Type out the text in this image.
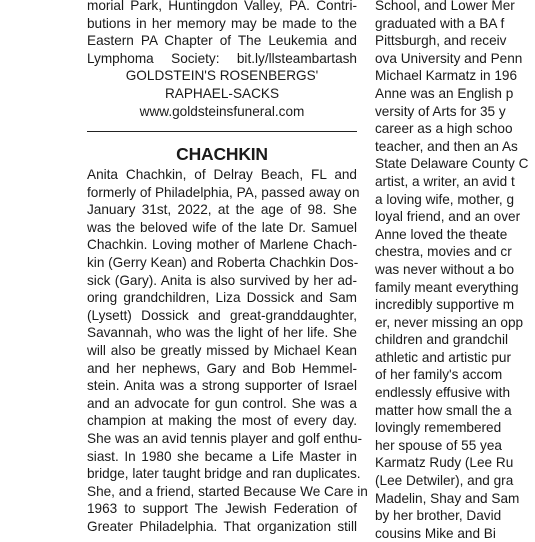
morial Park, Huntingdon Valley, PA. Contri-
butions in her memory may be made to the
Eastern PA Chapter of The Leukemia and
Lymphoma Society: bit.ly/llsteambartash
GOLDSTEIN'S ROSENBERGS'
RAPHAEL-SACKS
www.goldsteinsfuneral.com
CHACHKIN
Anita Chachkin, of Delray Beach, FL and
formerly of Philadelphia, PA, passed away on
January 31st, 2022, at the age of 98. She
was the beloved wife of the late Dr. Samuel
Chachkin. Loving mother of Marlene Chach-
kin (Gerry Kean) and Roberta Chachkin Dos-
sick (Gary). Anita is also survived by her ad-
oring grandchildren, Liza Dossick and Sam
(Lysett) Dossick and great-granddaughter,
Savannah, who was the light of her life. She
will also be greatly missed by Michael Kean
and her nephews, Gary and Bob Hemmel-
stein. Anita was a strong supporter of Israel
and an advocate for gun control. She was a
champion at making the most of every day.
She was an avid tennis player and golf enthu-
siast. In 1980 she became a Life Master in
bridge, later taught bridge and ran duplicates.
She, and a friend, started Because We Care in
1963 to support The Jewish Federation of
Greater Philadelphia. That organization still
School, and Lower Mer
graduated with a BA f
Pittsburgh, and receiv
ova University and Penn
Michael Karmatz in 196
Anne was an English p
versity of Arts for 35 y
career as a high schoo
teacher, and then an As
State Delaware County C
artist, a writer, an avid t
a loving wife, mother, g
loyal friend, and an over
Anne loved the theate
chestra, movies and cr
was never without a bo
family meant everything
incredibly supportive m
er, never missing an opp
children and grandchil
athletic and artistic pur
of her family's accom
endlessly effusive with
matter how small the a
lovingly remembered
her spouse of 55 yea
Karmatz Rudy (Lee Ru
(Lee Detwiler), and gra
Madelin, Shay and Sam
by her brother, David
cousins Mike and Bi
